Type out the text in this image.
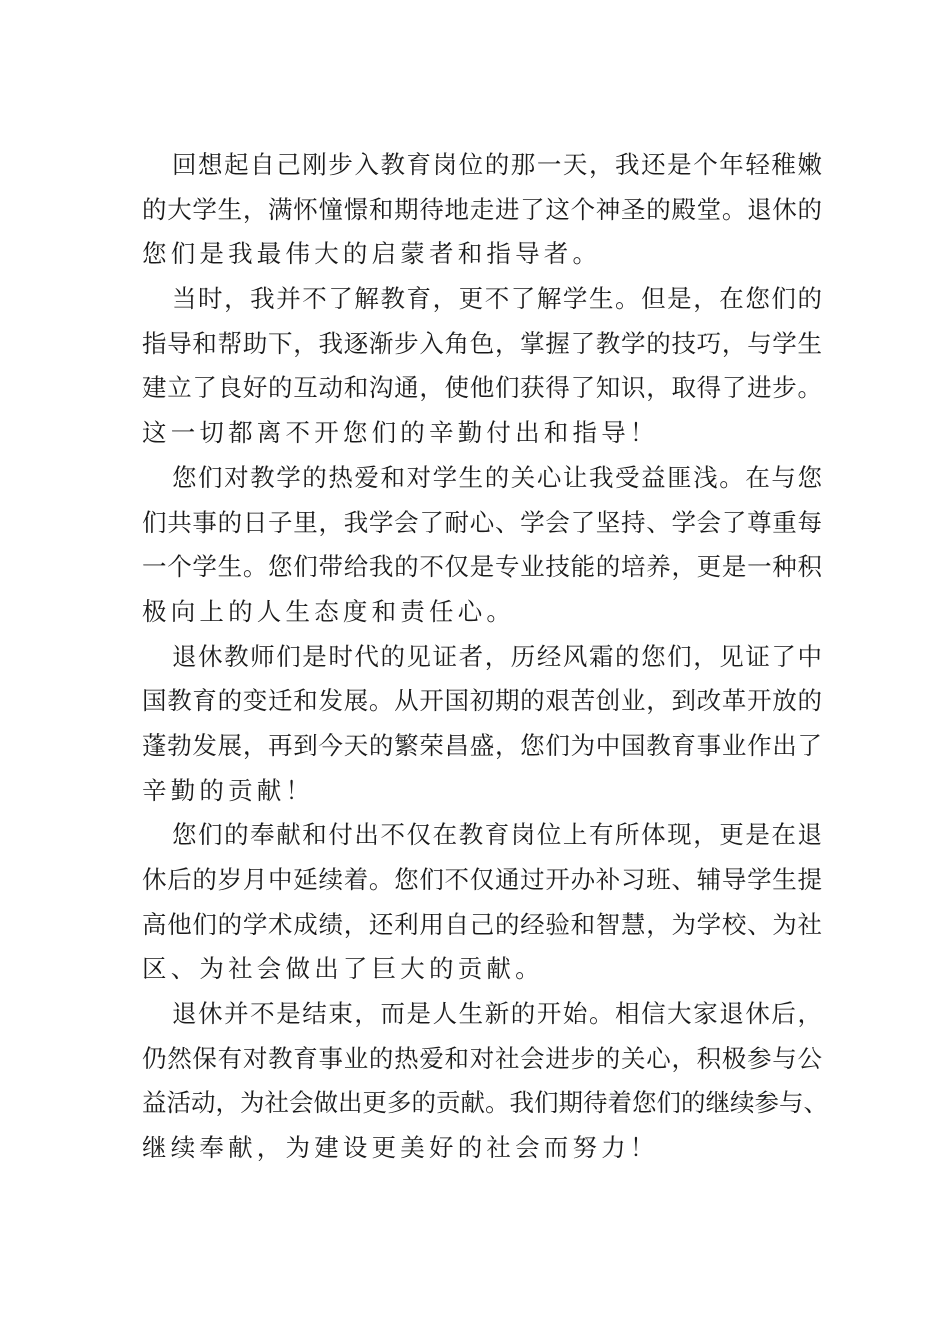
回想起自己刚步入教育岗位的那一天，我还是个年轻稚嫩
的大学生，满怀憧憬和期待地走进了这个神圣的殿堂。退休的
您们是我最伟大的启蒙者和指导者。
当时，我并不了解教育，更不了解学生。但是，在您们的
指导和帮助下，我逐渐步入角色，掌握了教学的技巧，与学生
建立了良好的互动和沟通，使他们获得了知识，取得了进步。
这一切都离不开您们的辛勤付出和指导！
您们对教学的热爱和对学生的关心让我受益匪浅。在与您
们共事的日子里，我学会了耐心、学会了坚持、学会了尊重每
一个学生。您们带给我的不仅是专业技能的培养，更是一种积
极向上的人生态度和责任心。
退休教师们是时代的见证者，历经风霜的您们，见证了中
国教育的变迁和发展。从开国初期的艰苦创业，到改革开放的
蓬勃发展，再到今天的繁荣昌盛，您们为中国教育事业作出了
辛勤的贡献！
您们的奉献和付出不仅在教育岗位上有所体现，更是在退
休后的岁月中延续着。您们不仅通过开办补习班、辅导学生提
高他们的学术成绩，还利用自己的经验和智慧，为学校、为社
区、为社会做出了巨大的贡献。
退休并不是结束，而是人生新的开始。相信大家退休后，
仍然保有对教育事业的热爱和对社会进步的关心，积极参与公
益活动，为社会做出更多的贡献。我们期待着您们的继续参与、
继续奉献，为建设更美好的社会而努力！
